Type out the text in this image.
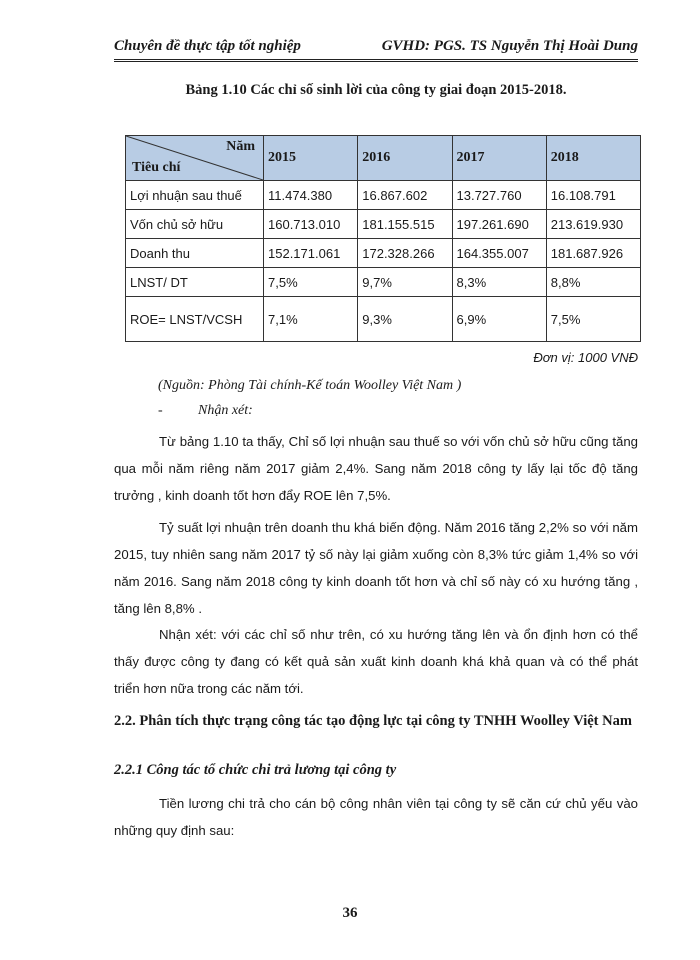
Chuyên đề thực tập tốt nghiệp	GVHD: PGS. TS Nguyễn Thị Hoài Dung
Bảng 1.10 Các chỉ số sinh lời của công ty giai đoạn 2015-2018.
Năm
Tiêu chí	2015	2016	2017	2018
Lợi nhuận sau thuế	11.474.380	16.867.602	13.727.760	16.108.791
Vốn chủ sở hữu	160.713.010	181.155.515	197.261.690	213.619.930
Doanh thu	152.171.061	172.328.266	164.355.007	181.687.926
LNST/ DT	7,5%	9,7%	8,3%	8,8%
ROE= LNST/VCSH	7,1%	9,3%	6,9%	7,5%
Đơn vị: 1000 VNĐ
(Nguồn: Phòng Tài chính-Kế toán Woolley Việt Nam )
-	Nhận xét:

Từ bảng 1.10 ta thấy, Chỉ số lợi nhuận sau thuế so với vốn chủ sở hữu cũng tăng qua mỗi năm riêng năm 2017 giảm 2,4%. Sang năm 2018 công ty lấy lại tốc độ tăng trưởng , kinh doanh tốt hơn đẩy ROE lên 7,5%.

Tỷ suất lợi nhuận trên doanh thu khá biến động. Năm 2016 tăng 2,2% so với năm 2015, tuy nhiên sang năm 2017 tỷ số này lại giảm xuống còn 8,3% tức giảm 1,4% so với năm 2016. Sang năm 2018 công ty kinh doanh tốt hơn và chỉ số này có xu hướng tăng , tăng lên 8,8% .

Nhận xét: với các chỉ số như trên, có xu hướng tăng lên và ổn định hơn có thể thấy được công ty đang có kết quả sản xuất kinh doanh khá khả quan và có thể phát triển hơn nữa trong các năm tới.

2.2. Phân tích thực trạng công tác tạo động lực tại công ty TNHH Woolley Việt Nam
2.2.1 Công tác tổ chức chi trả lương tại công ty

Tiền lương chi trả cho cán bộ công nhân viên tại công ty sẽ căn cứ chủ yếu vào những quy định sau:

36
